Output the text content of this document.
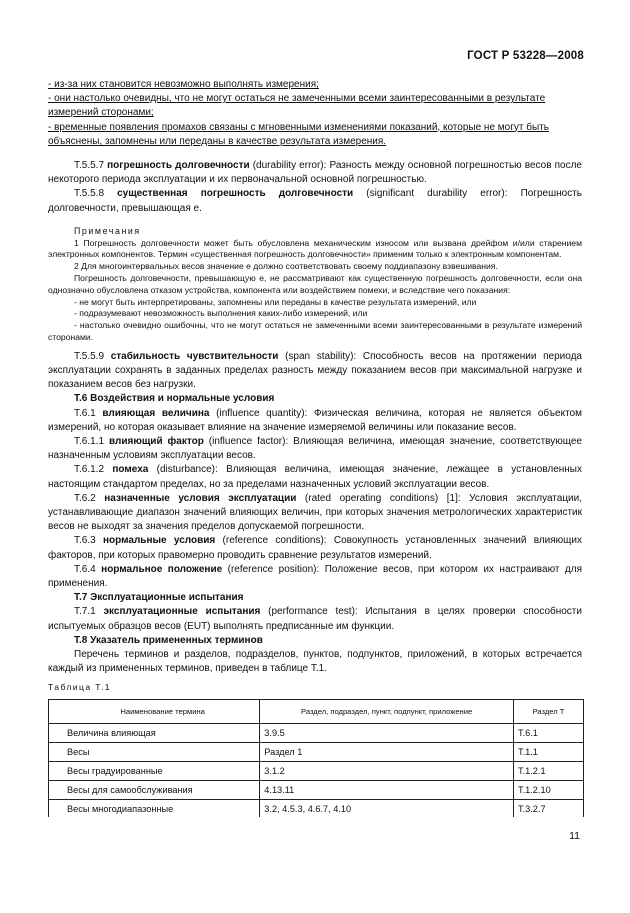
ГОСТ Р 53228—2008

- из-за них становится невозможно выполнять измерения;

- они настолько очевидны, что не могут остаться не замеченными всеми заинтересованными в результате измерений сторонами;

- временные появления промахов связаны с мгновенными изменениями показаний, которые не могут быть объяснены, запомнены или переданы в качестве результата измерения.

Т.5.5.7 погрешность долговечности (durability error): Разность между основной погрешностью весов после некоторого периода эксплуатации и их первоначальной основной погрешностью.

Т.5.5.8 существенная погрешность долговечности (significant durability error): Погрешность долговечности, превышающая е.

Примечания

1 Погрешность долговечности может быть обусловлена механическим износом или вызвана дрейфом и/или старением электронных компонентов. Термин «существенная погрешность долговечности» применим только к электронным компонентам.

2 Для многоинтервальных весов значение е должно соответствовать своему поддиапазону взвешивания.

Погрешность долговечности, превышающую е, не рассматривают как существенную погрешность долговечности, если она однозначно обусловлена отказом устройства, компонента или воздействием помехи, и вследствие чего показания:

- не могут быть интерпретированы, запомнены или переданы в качестве результата измерений, или

- подразумевают невозможность выполнения каких-либо измерений, или

- настолько очевидно ошибочны, что не могут остаться не замеченными всеми заинтересованными в результате измерений сторонами.

Т.5.5.9 стабильность чувствительности (span stability): Способность весов на протяжении периода эксплуатации сохранять в заданных пределах разность между показанием весов при максимальной нагрузке и показанием весов без нагрузки.

Т.6 Воздействия и нормальные условия

Т.6.1 влияющая величина (influence quantity): Физическая величина, которая не является объектом измерений, но которая оказывает влияние на значение измеряемой величины или показание весов.

Т.6.1.1 влияющий фактор (influence factor): Влияющая величина, имеющая значение, соответствующее назначенным условиям эксплуатации весов.

Т.6.1.2 помеха (disturbance): Влияющая величина, имеющая значение, лежащее в установленных настоящим стандартом пределах, но за пределами назначенных условий эксплуатации весов.

Т.6.2 назначенные условия эксплуатации (rated operating conditions) [1]: Условия эксплуатации, устанавливающие диапазон значений влияющих величин, при которых значения метрологических характеристик весов не выходят за значения пределов допускаемой погрешности.

Т.6.3 нормальные условия (reference conditions): Совокупность установленных значений влияющих факторов, при которых правомерно проводить сравнение результатов измерений.

Т.6.4 нормальное положение (reference position): Положение весов, при котором их настраивают для применения.

Т.7 Эксплуатационные испытания

Т.7.1 эксплуатационные испытания (performance test): Испытания в целях проверки способности испытуемых образцов весов (EUT) выполнять предписанные им функции.

Т.8 Указатель примененных терминов

Перечень терминов и разделов, подразделов, пунктов, подпунктов, приложений, в которых встречается каждый из примененных терминов, приведен в таблице Т.1.

Таблица Т.1
Наименование термина	Раздел, подраздел, пункт, подпункт, приложение	Раздел Т
Величина влияющая	3.9.5	Т.6.1
Весы	Раздел 1	Т.1.1
Весы градуированные	3.1.2	Т.1.2.1
Весы для самообслуживания	4.13.11	Т.1.2.10
Весы многодиапазонные	3.2, 4.5.3, 4.6.7, 4.10	Т.3.2.7
11
